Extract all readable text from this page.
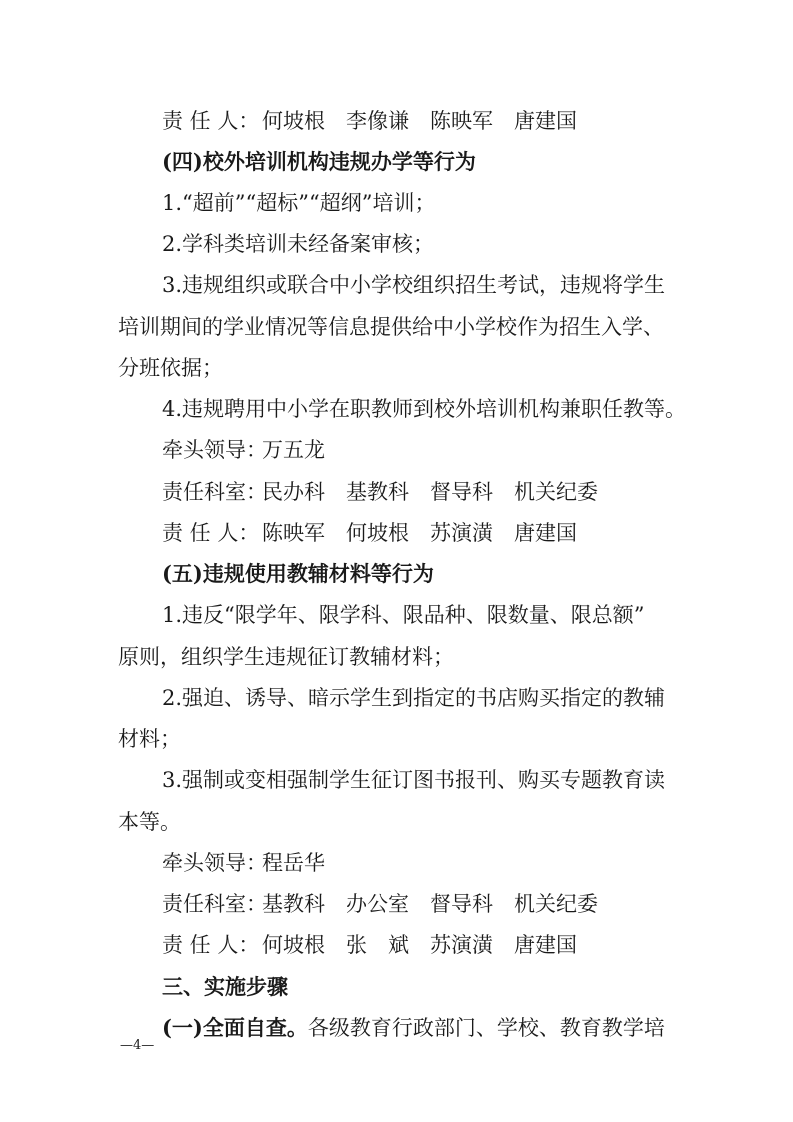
责 任 人： 何坡根　李像谦　陈映军　唐建国
(四)校外培训机构违规办学等行为
1.“超前”“超标”“超纲”培训；
2.学科类培训未经备案审核；
3.违规组织或联合中小学校组织招生考试，违规将学生
培训期间的学业情况等信息提供给中小学校作为招生入学、
分班依据；
4.违规聘用中小学在职教师到校外培训机构兼职任教等。
牵头领导：万五龙
责任科室：民办科　基教科　督导科　机关纪委
责 任 人： 陈映军　何坡根　苏演潢　唐建国
(五)违规使用教辅材料等行为
1.违反“限学年、限学科、限品种、限数量、限总额”
原则，组织学生违规征订教辅材料；
2.强迫、诱导、暗示学生到指定的书店购买指定的教辅
材料；
3.强制或变相强制学生征订图书报刊、购买专题教育读
本等。
牵头领导：程岳华
责任科室：基教科　办公室　督导科　机关纪委
责 任 人： 何坡根　张　斌　苏演潢　唐建国
三、实施步骤
(一)全面自查。各级教育行政部门、学校、教育教学培
—4—
